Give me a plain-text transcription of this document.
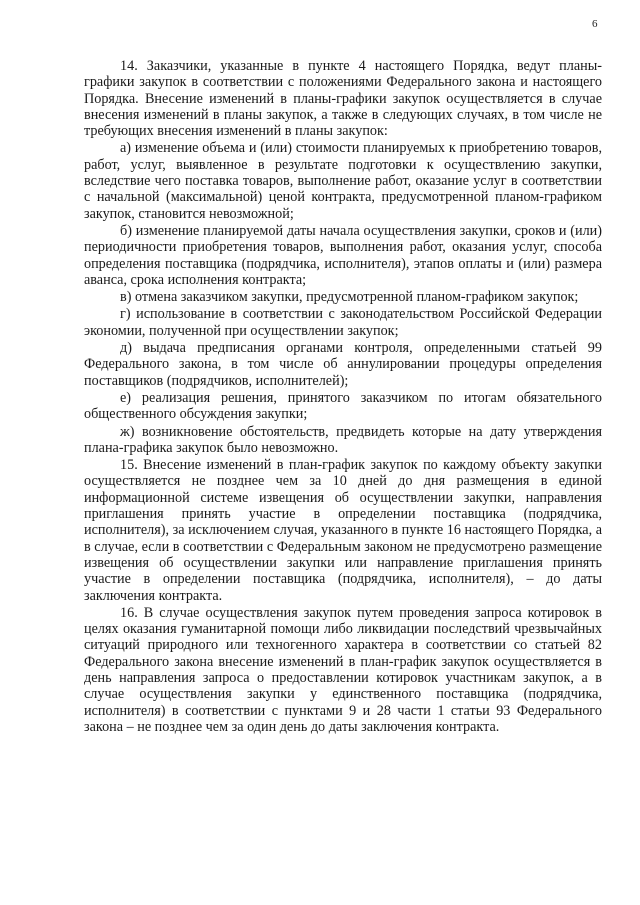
6

14. Заказчики, указанные в пункте 4 настоящего Порядка, ведут планы-графики закупок в соответствии с положениями Федерального закона и настоящего Порядка. Внесение изменений в планы-графики закупок осуществляется в случае внесения изменений в планы закупок, а также в следующих случаях, в том числе не требующих внесения изменений в планы закупок:

а) изменение объема и (или) стоимости планируемых к приобретению товаров, работ, услуг, выявленное в результате подготовки к осуществлению закупки, вследствие чего поставка товаров, выполнение работ, оказание услуг в соответствии с начальной (максимальной) ценой контракта, предусмотренной планом-графиком закупок, становится невозможной;

б) изменение планируемой даты начала осуществления закупки, сроков и (или) периодичности приобретения товаров, выполнения работ, оказания услуг, способа определения поставщика (подрядчика, исполнителя), этапов оплаты и (или) размера аванса, срока исполнения контракта;

в) отмена заказчиком закупки, предусмотренной планом-графиком закупок;

г) использование в соответствии с законодательством Российской Федерации экономии, полученной при осуществлении закупок;

д) выдача предписания органами контроля, определенными статьей 99 Федерального закона, в том числе об аннулировании процедуры определения поставщиков (подрядчиков, исполнителей);

е) реализация решения, принятого заказчиком по итогам обязательного общественного обсуждения закупки;

ж) возникновение обстоятельств, предвидеть которые на дату утверждения плана-графика закупок было невозможно.

15. Внесение изменений в план-график закупок по каждому объекту закупки осуществляется не позднее чем за 10 дней до дня размещения в единой информационной системе извещения об осуществлении закупки, направления приглашения принять участие в определении поставщика (подрядчика, исполнителя), за исключением случая, указанного в пункте 16 настоящего Порядка, а в случае, если в соответствии с Федеральным законом не предусмотрено размещение извещения об осуществлении закупки или направление приглашения принять участие в определении поставщика (подрядчика, исполнителя), – до даты заключения контракта.

16. В случае осуществления закупок путем проведения запроса котировок в целях оказания гуманитарной помощи либо ликвидации последствий чрезвычайных ситуаций природного или техногенного характера в соответствии со статьей 82 Федерального закона внесение изменений в план-график закупок осуществляется в день направления запроса о предоставлении котировок участникам закупок, а в случае осуществления закупки у единственного поставщика (подрядчика, исполнителя) в соответствии с пунктами 9 и 28 части 1 статьи 93 Федерального закона – не позднее чем за один день до даты заключения контракта.
